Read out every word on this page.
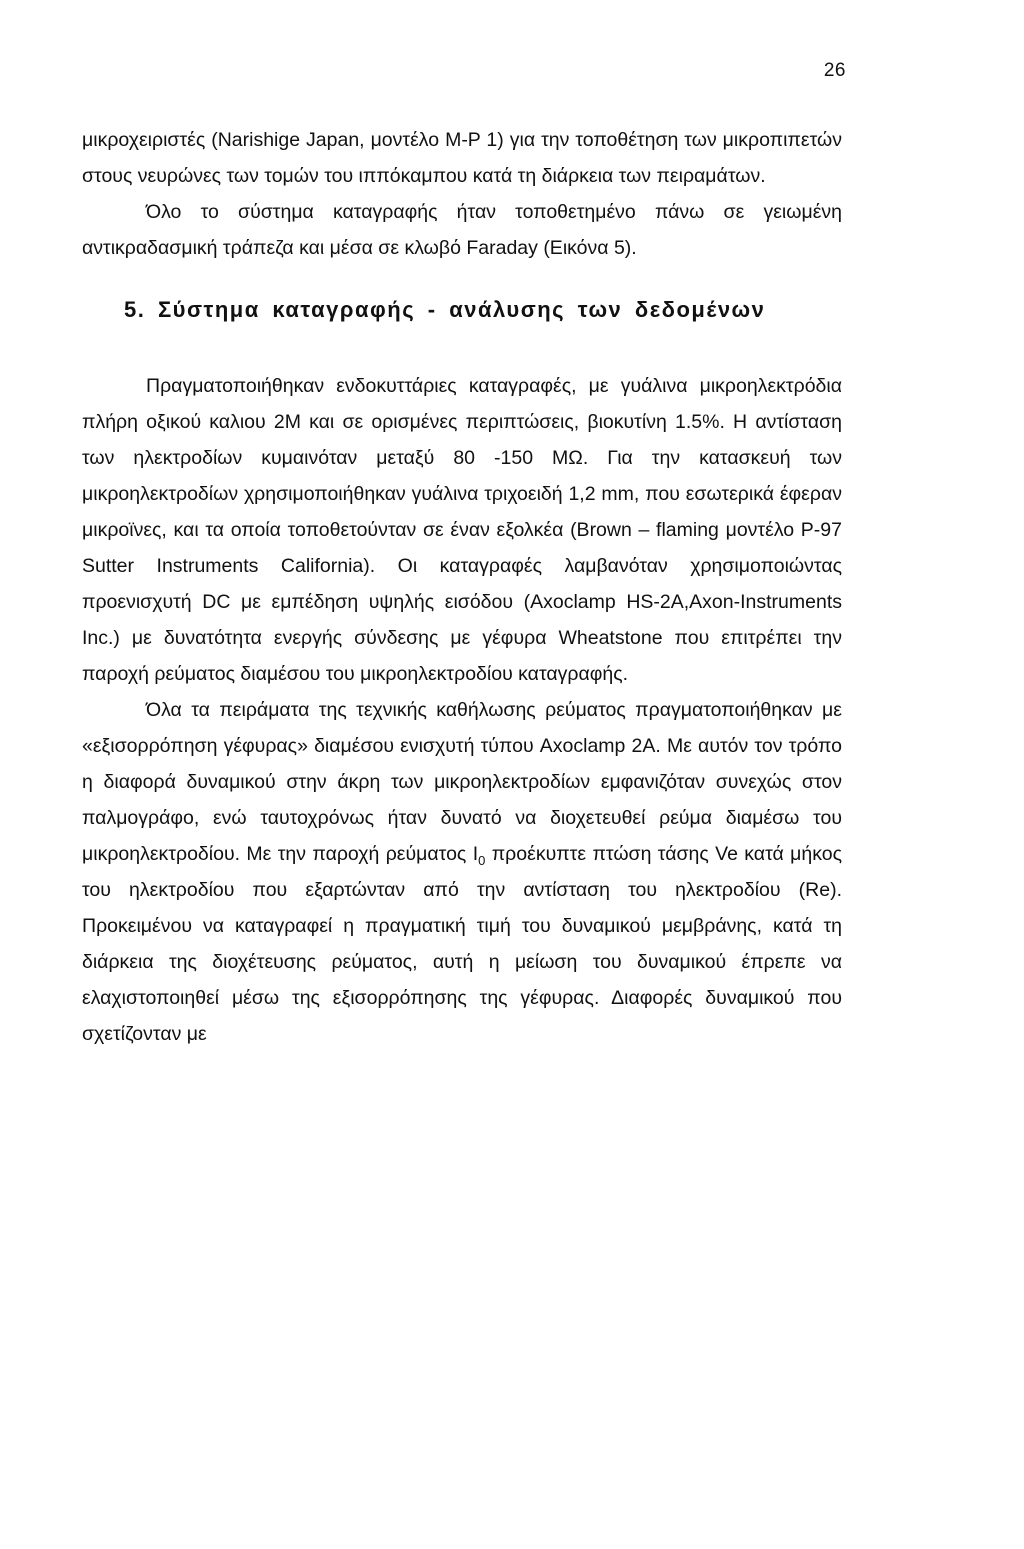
26

μικροχειριστές (Narishige Japan, μοντέλο M-P 1) για την τοποθέτηση των μικροπιπετών στους νευρώνες των τομών του ιππόκαμπου κατά τη διάρκεια των πειραμάτων.

Όλο το σύστημα καταγραφής ήταν τοποθετημένο πάνω σε γειωμένη αντικραδασμική τράπεζα και μέσα σε κλωβό Faraday (Εικόνα 5).

5. Σύστημα καταγραφής - ανάλυσης των δεδομένων

Πραγματοποιήθηκαν ενδοκυττάριες καταγραφές, με γυάλινα μικροηλεκτρόδια πλήρη οξικού καλιου 2M και σε ορισμένες περιπτώσεις, βιοκυτίνη 1.5%. Η αντίσταση των ηλεκτροδίων κυμαινόταν μεταξύ 80 -150 MΩ. Για την κατασκευή των μικροηλεκτροδίων χρησιμοποιήθηκαν γυάλινα τριχοειδή 1,2 mm, που εσωτερικά έφεραν μικροϊνες, και τα οποία τοποθετούνταν σε έναν εξολκέα (Brown – flaming μοντέλο P-97 Sutter Instruments California). Οι καταγραφές λαμβανόταν χρησιμοποιώντας προενισχυτή DC με εμπέδηση υψηλής εισόδου (Axoclamp HS-2A,Axon-Instruments Inc.) με δυνατότητα ενεργής σύνδεσης με γέφυρα Wheatstone που επιτρέπει την παροχή ρεύματος διαμέσου του μικροηλεκτροδίου καταγραφής.

Όλα τα πειράματα της τεχνικής καθήλωσης ρεύματος πραγματοποιήθηκαν με «εξισορρόπηση γέφυρας» διαμέσου ενισχυτή τύπου Axoclamp 2A. Με αυτόν τον τρόπο η διαφορά δυναμικού στην άκρη των μικροηλεκτροδίων εμφανιζόταν συνεχώς στον παλμογράφο, ενώ ταυτοχρόνως ήταν δυνατό να διοχετευθεί ρεύμα διαμέσω του μικροηλεκτροδίου. Με την παροχή ρεύματος $I_0$ προέκυπτε πτώση τάσης Ve κατά μήκος του ηλεκτροδίου που εξαρτώνταν από την αντίσταση του ηλεκτροδίου (Re). Προκειμένου να καταγραφεί η πραγματική τιμή του δυναμικού μεμβράνης, κατά τη διάρκεια της διοχέτευσης ρεύματος, αυτή η μείωση του δυναμικού έπρεπε να ελαχιστοποιηθεί μέσω της εξισορρόπησης της γέφυρας. Διαφορές δυναμικού που σχετίζονταν με
